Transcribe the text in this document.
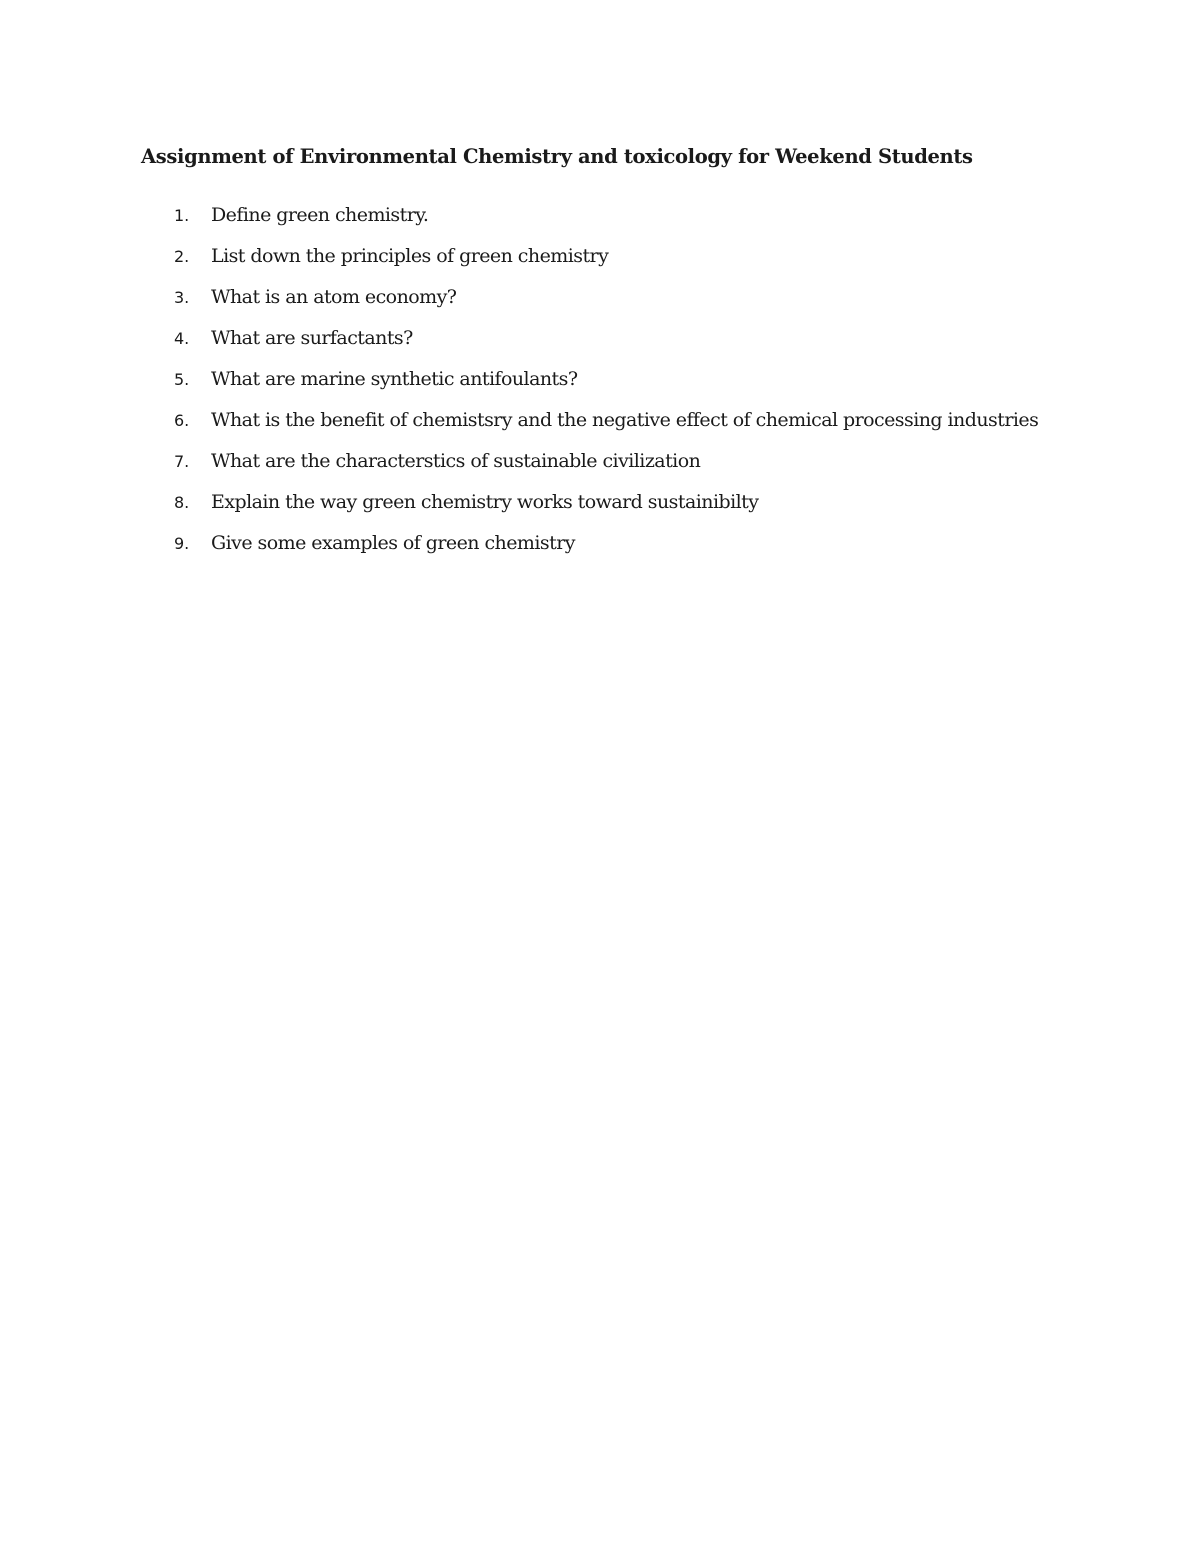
Assignment of Environmental Chemistry and toxicology for Weekend Students
1.	Define green chemistry.
2.	List down the principles of green chemistry
3.	What is an atom economy?
4.	What are surfactants?
5.	What are marine synthetic antifoulants?
6.	What is the benefit of chemistsry and the negative effect of chemical processing industries
7.	What are the characterstics of sustainable civilization
8.	Explain the way green chemistry works toward sustainibilty
9.	Give some examples of green chemistry
